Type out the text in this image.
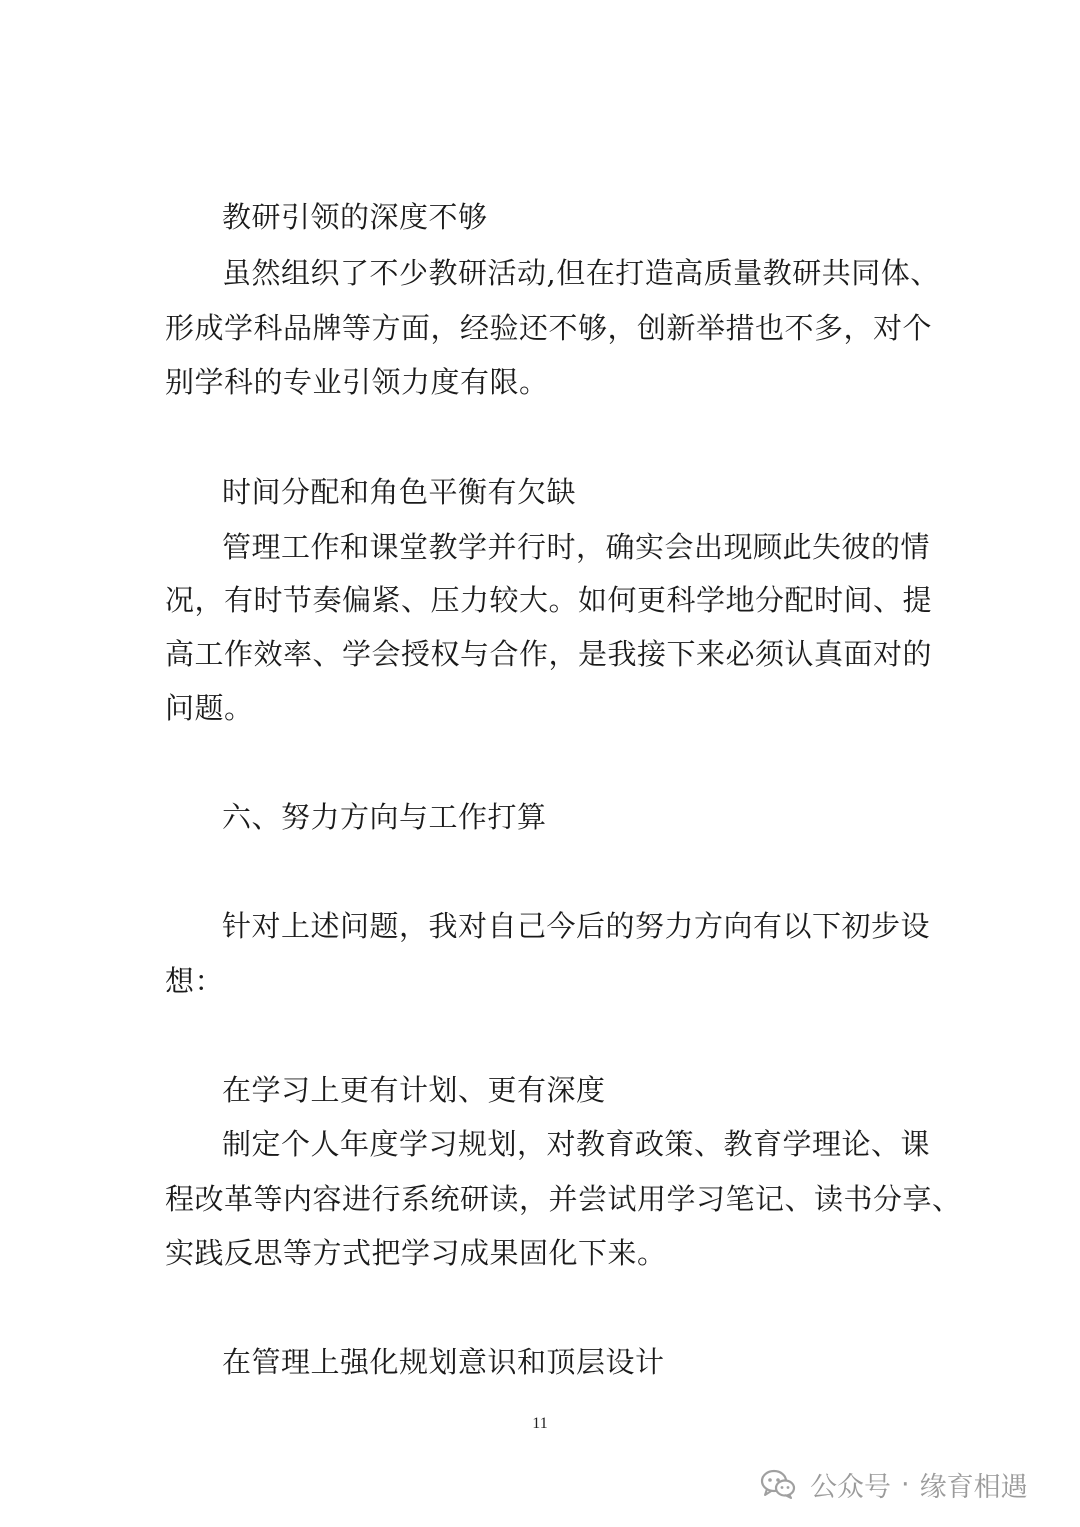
教研引领的深度不够
虽然组织了不少教研活动,但在打造高质量教研共同体、
形成学科品牌等方面，经验还不够，创新举措也不多，对个
别学科的专业引领力度有限。
时间分配和角色平衡有欠缺
管理工作和课堂教学并行时，确实会出现顾此失彼的情
况，有时节奏偏紧、压力较大。如何更科学地分配时间、提
高工作效率、学会授权与合作，是我接下来必须认真面对的
问题。
六、努力方向与工作打算
针对上述问题，我对自己今后的努力方向有以下初步设
想：
在学习上更有计划、更有深度
制定个人年度学习规划，对教育政策、教育学理论、课
程改革等内容进行系统研读，并尝试用学习笔记、读书分享、
实践反思等方式把学习成果固化下来。
在管理上强化规划意识和顶层设计
11
公众号 · 缘育相遇
